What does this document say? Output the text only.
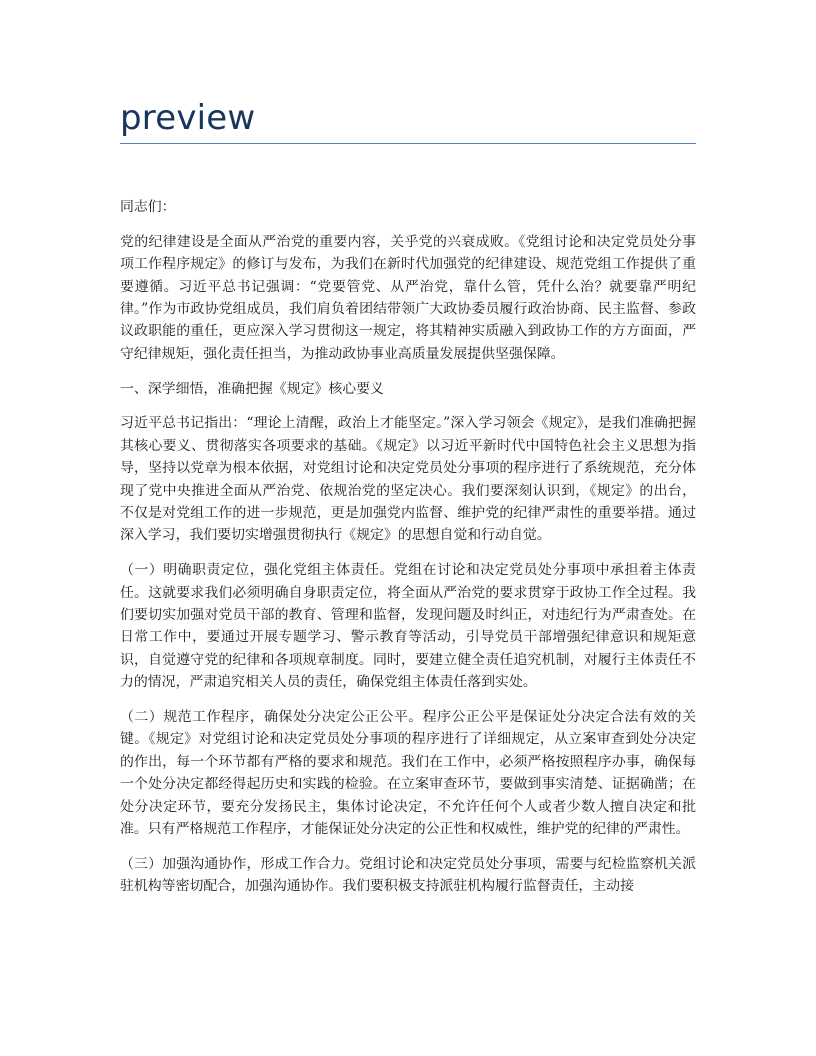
preview

同志们：

党的纪律建设是全面从严治党的重要内容，关乎党的兴衰成败。《党组讨论和决定党员处分事项工作程序规定》的修订与发布，为我们在新时代加强党的纪律建设、规范党组工作提供了重要遵循。习近平总书记强调：“党要管党、从严治党，靠什么管，凭什么治？就要靠严明纪律。”作为市政协党组成员，我们肩负着团结带领广大政协委员履行政治协商、民主监督、参政议政职能的重任，更应深入学习贯彻这一规定，将其精神实质融入到政协工作的方方面面，严守纪律规矩，强化责任担当，为推动政协事业高质量发展提供坚强保障。

一、深学细悟，准确把握《规定》核心要义

习近平总书记指出：“理论上清醒，政治上才能坚定。”深入学习领会《规定》，是我们准确把握其核心要义、贯彻落实各项要求的基础。《规定》以习近平新时代中国特色社会主义思想为指导，坚持以党章为根本依据，对党组讨论和决定党员处分事项的程序进行了系统规范，充分体现了党中央推进全面从严治党、依规治党的坚定决心。我们要深刻认识到，《规定》的出台，不仅是对党组工作的进一步规范，更是加强党内监督、维护党的纪律严肃性的重要举措。通过深入学习，我们要切实增强贯彻执行《规定》的思想自觉和行动自觉。

（一）明确职责定位，强化党组主体责任。党组在讨论和决定党员处分事项中承担着主体责任。这就要求我们必须明确自身职责定位，将全面从严治党的要求贯穿于政协工作全过程。我们要切实加强对党员干部的教育、管理和监督，发现问题及时纠正，对违纪行为严肃查处。在日常工作中，要通过开展专题学习、警示教育等活动，引导党员干部增强纪律意识和规矩意识，自觉遵守党的纪律和各项规章制度。同时，要建立健全责任追究机制，对履行主体责任不力的情况，严肃追究相关人员的责任，确保党组主体责任落到实处。

（二）规范工作程序，确保处分决定公正公平。程序公正公平是保证处分决定合法有效的关键。《规定》对党组讨论和决定党员处分事项的程序进行了详细规定，从立案审查到处分决定的作出，每一个环节都有严格的要求和规范。我们在工作中，必须严格按照程序办事，确保每一个处分决定都经得起历史和实践的检验。在立案审查环节，要做到事实清楚、证据确凿；在处分决定环节，要充分发扬民主，集体讨论决定，不允许任何个人或者少数人擅自决定和批准。只有严格规范工作程序，才能保证处分决定的公正性和权威性，维护党的纪律的严肃性。

（三）加强沟通协作，形成工作合力。党组讨论和决定党员处分事项，需要与纪检监察机关派驻机构等密切配合，加强沟通协作。我们要积极支持派驻机构履行监督责任，主动接
